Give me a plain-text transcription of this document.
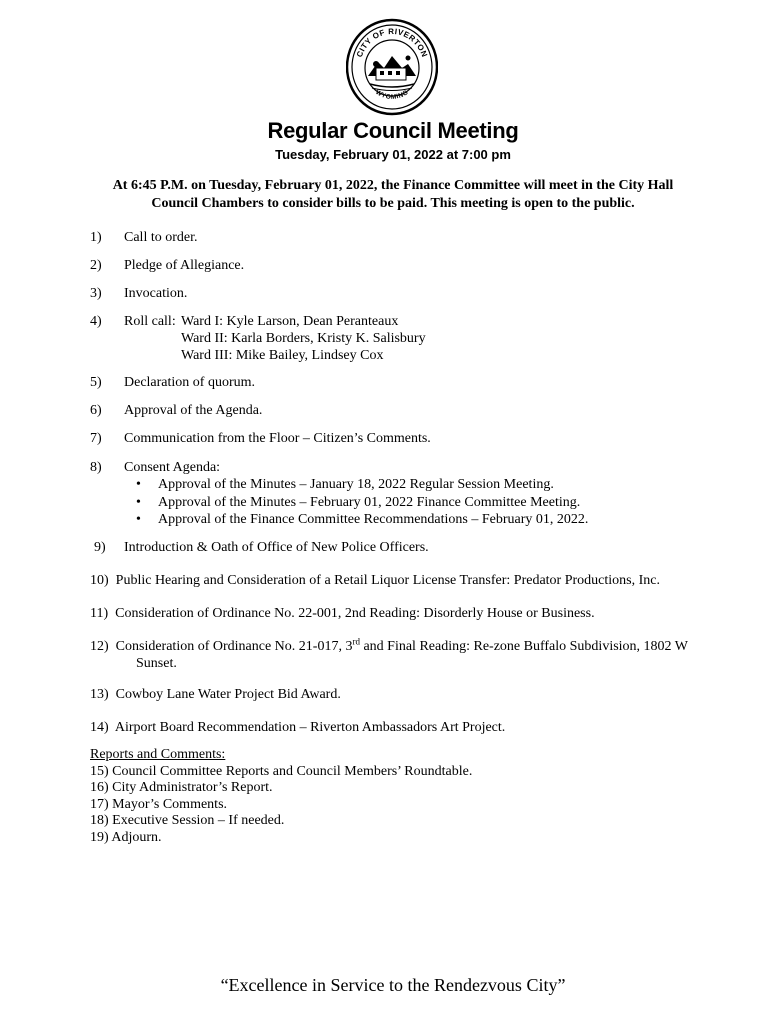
CITY OF RIVERTON
WYOMING
Regular Council Meeting
Tuesday, February 01, 2022 at 7:00 pm
At 6:45 P.M. on Tuesday, February 01, 2022, the Finance Committee will meet in the City Hall Council Chambers to consider bills to be paid. This meeting is open to the public.
1) Call to order.
2) Pledge of Allegiance.
3) Invocation.
4) Roll call: Ward I: Kyle Larson, Dean Peranteaux
Ward II: Karla Borders, Kristy K. Salisbury
Ward III: Mike Bailey, Lindsey Cox
5) Declaration of quorum.
6) Approval of the Agenda.
7) Communication from the Floor – Citizen’s Comments.
8) Consent Agenda:
• Approval of the Minutes – January 18, 2022 Regular Session Meeting.
• Approval of the Minutes – February 01, 2022 Finance Committee Meeting.
• Approval of the Finance Committee Recommendations – February 01, 2022.
9) Introduction & Oath of Office of New Police Officers.
10)  Public Hearing and Consideration of a Retail Liquor License Transfer: Predator Productions, Inc.
11)  Consideration of Ordinance No. 22-001, 2nd Reading: Disorderly House or Business.
12)  Consideration of Ordinance No. 21-017, 3rd and Final Reading: Re-zone Buffalo Subdivision, 1802 W
Sunset.
13)  Cowboy Lane Water Project Bid Award.
14)  Airport Board Recommendation – Riverton Ambassadors Art Project.
Reports and Comments:
15) Council Committee Reports and Council Members’ Roundtable.
16) City Administrator’s Report.
17) Mayor’s Comments.
18) Executive Session – If needed.
19) Adjourn.
“Excellence in Service to the Rendezvous City”
